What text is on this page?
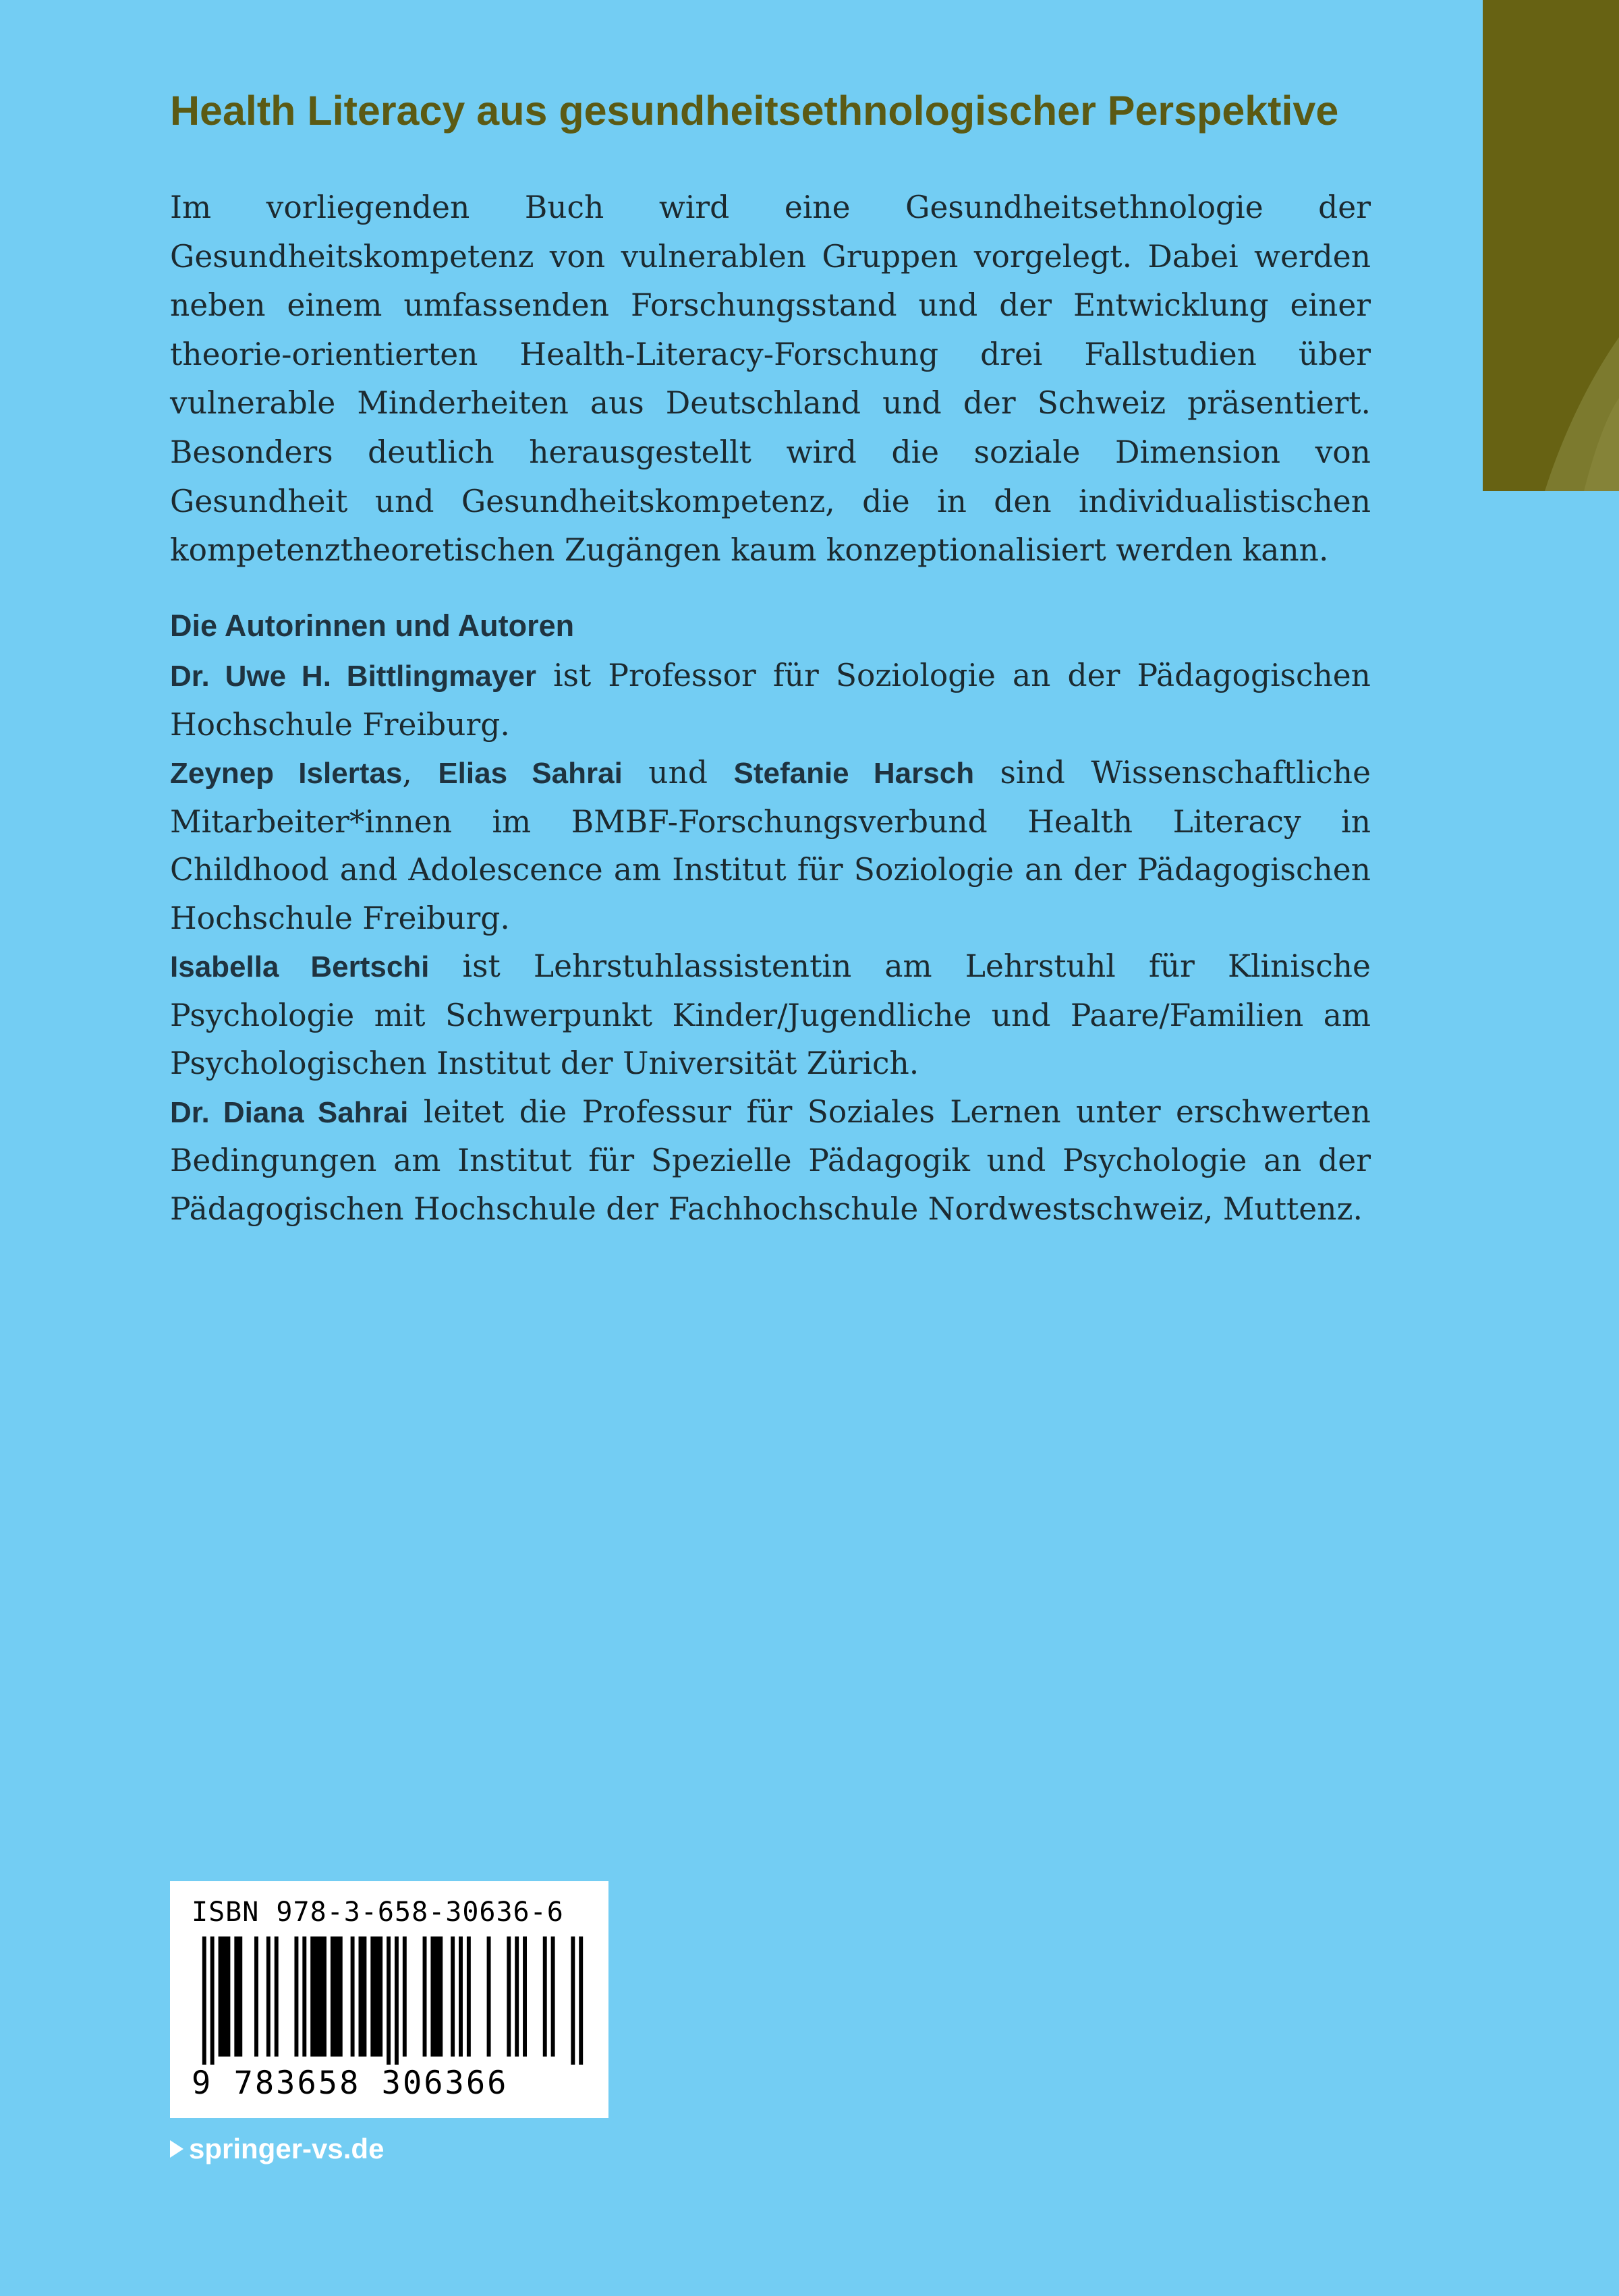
Health Literacy aus gesundheitsethnologischer Perspektive

Im vorliegenden Buch wird eine Gesundheitsethnologie der Gesundheitskompetenz von vulnerablen Gruppen vorgelegt. Dabei werden neben einem umfassenden Forschungsstand und der Entwicklung einer theorie-orientierten Health-Literacy-Forschung drei Fallstudien über vulnerable Minderheiten aus Deutschland und der Schweiz präsentiert. Besonders deutlich herausgestellt wird die soziale Dimension von Gesundheit und Gesundheitskompetenz, die in den individualistischen kompetenztheoretischen Zugängen kaum konzeptionalisiert werden kann.

Die Autorinnen und Autoren

Dr. Uwe H. Bittlingmayer ist Professor für Soziologie an der Pädagogischen Hochschule Freiburg.

Zeynep Islertas, Elias Sahrai und Stefanie Harsch sind Wissenschaftliche Mitarbeiter*innen im BMBF-Forschungsverbund Health Literacy in Childhood and Adolescence am Institut für Soziologie an der Pädagogischen Hochschule Freiburg.

Isabella Bertschi ist Lehrstuhlassistentin am Lehrstuhl für Klinische Psychologie mit Schwerpunkt Kinder/Jugendliche und Paare/Familien am Psychologischen Institut der Universität Zürich.

Dr. Diana Sahrai leitet die Professur für Soziales Lernen unter erschwerten Bedingungen am Institut für Spezielle Pädagogik und Psychologie an der Pädagogischen Hochschule der Fachhochschule Nordwestschweiz, Muttenz.

ISBN 978-3-658-30636-6
9 783658 306366
springer-vs.de
